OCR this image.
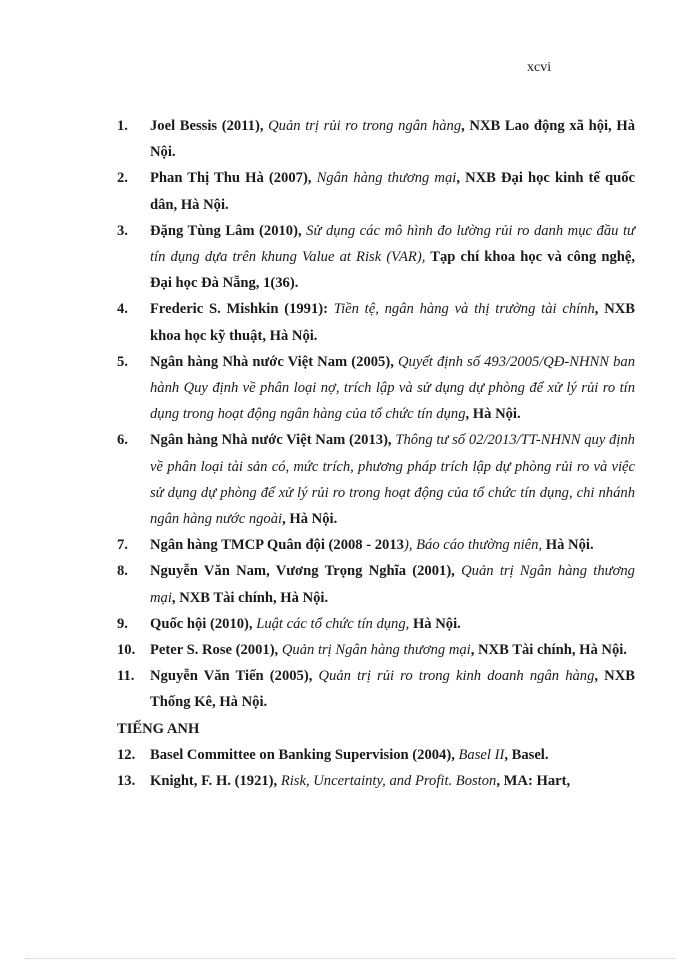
xcvi
1.	Joel Bessis (2011), Quản trị rủi ro trong ngân hàng, NXB Lao động xã hội, Hà Nội.
2.	Phan Thị Thu Hà (2007), Ngân hàng thương mại, NXB Đại học kinh tế quốc dân, Hà Nội.
3.	Đặng Tùng Lâm (2010), Sử dụng các mô hình đo lường rủi ro danh mục đầu tư tín dụng dựa trên khung Value at Risk (VAR), Tạp chí khoa học và công nghệ, Đại học Đà Nẵng, 1(36).
4.	Frederic S. Mishkin (1991): Tiền tệ, ngân hàng và thị trường tài chính, NXB khoa học kỹ thuật, Hà Nội.
5.	Ngân hàng Nhà nước Việt Nam (2005), Quyết định số 493/2005/QĐ-NHNN ban hành Quy định về phân loại nợ, trích lập và sử dụng dự phòng để xử lý rủi ro tín dụng trong hoạt động ngân hàng của tổ chức tín dụng, Hà Nội.
6.	Ngân hàng Nhà nước Việt Nam (2013), Thông tư số 02/2013/TT-NHNN quy định về phân loại tài sản có, mức trích, phương pháp trích lập dự phòng rủi ro và việc sử dụng dự phòng để xử lý rủi ro trong hoạt động của tổ chức tín dụng, chi nhánh ngân hàng nước ngoài, Hà Nội.
7.	Ngân hàng TMCP Quân đội (2008 - 2013), Báo cáo thường niên, Hà Nội.
8.	Nguyễn Văn Nam, Vương Trọng Nghĩa (2001), Quản trị Ngân hàng thương mại, NXB Tài chính, Hà Nội.
9.	Quốc hội (2010), Luật các tổ chức tín dụng, Hà Nội.
10.	Peter S. Rose (2001), Quản trị Ngân hàng thương mại, NXB Tài chính, Hà Nội.
11.	Nguyễn Văn Tiến (2005), Quản trị rủi ro trong kinh doanh ngân hàng, NXB Thống Kê, Hà Nội.
TIẾNG ANH
12.	Basel Committee on Banking Supervision (2004), Basel II, Basel.
13.	Knight, F. H. (1921), Risk, Uncertainty, and Profit. Boston, MA: Hart,
